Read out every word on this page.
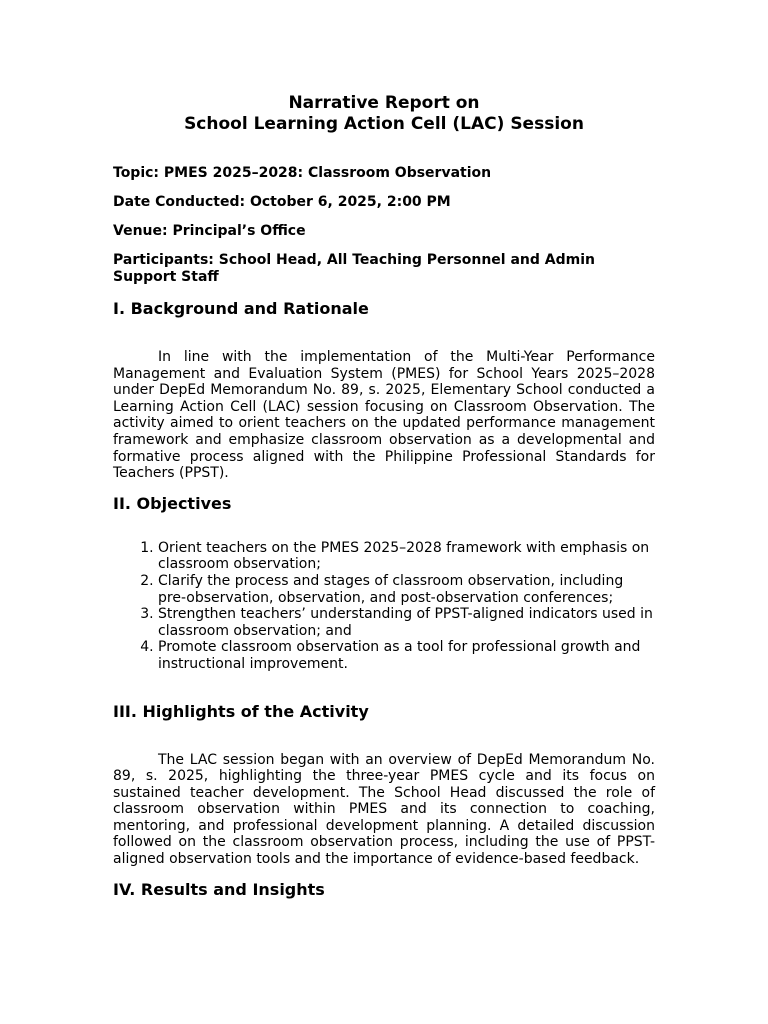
Narrative Report on
School Learning Action Cell (LAC) Session

Topic: PMES 2025–2028: Classroom Observation

Date Conducted: October 6, 2025, 2:00 PM

Venue: Principal’s Office

Participants: School Head, All Teaching Personnel and Admin Support Staff

I. Background and Rationale

In line with the implementation of the Multi-Year Performance Management and Evaluation System (PMES) for School Years 2025–2028 under DepEd Memorandum No. 89, s. 2025, Elementary School conducted a Learning Action Cell (LAC) session focusing on Classroom Observation. The activity aimed to orient teachers on the updated performance management framework and emphasize classroom observation as a developmental and formative process aligned with the Philippine Professional Standards for Teachers (PPST).

II. Objectives
1. Orient teachers on the PMES 2025–2028 framework with emphasis on classroom observation;
2. Clarify the process and stages of classroom observation, including pre-observation, observation, and post-observation conferences;
3. Strengthen teachers’ understanding of PPST-aligned indicators used in classroom observation; and
4. Promote classroom observation as a tool for professional growth and instructional improvement.
III. Highlights of the Activity

The LAC session began with an overview of DepEd Memorandum No. 89, s. 2025, highlighting the three-year PMES cycle and its focus on sustained teacher development. The School Head discussed the role of classroom observation within PMES and its connection to coaching, mentoring, and professional development planning. A detailed discussion followed on the classroom observation process, including the use of PPST-aligned observation tools and the importance of evidence-based feedback.

IV. Results and Insights
